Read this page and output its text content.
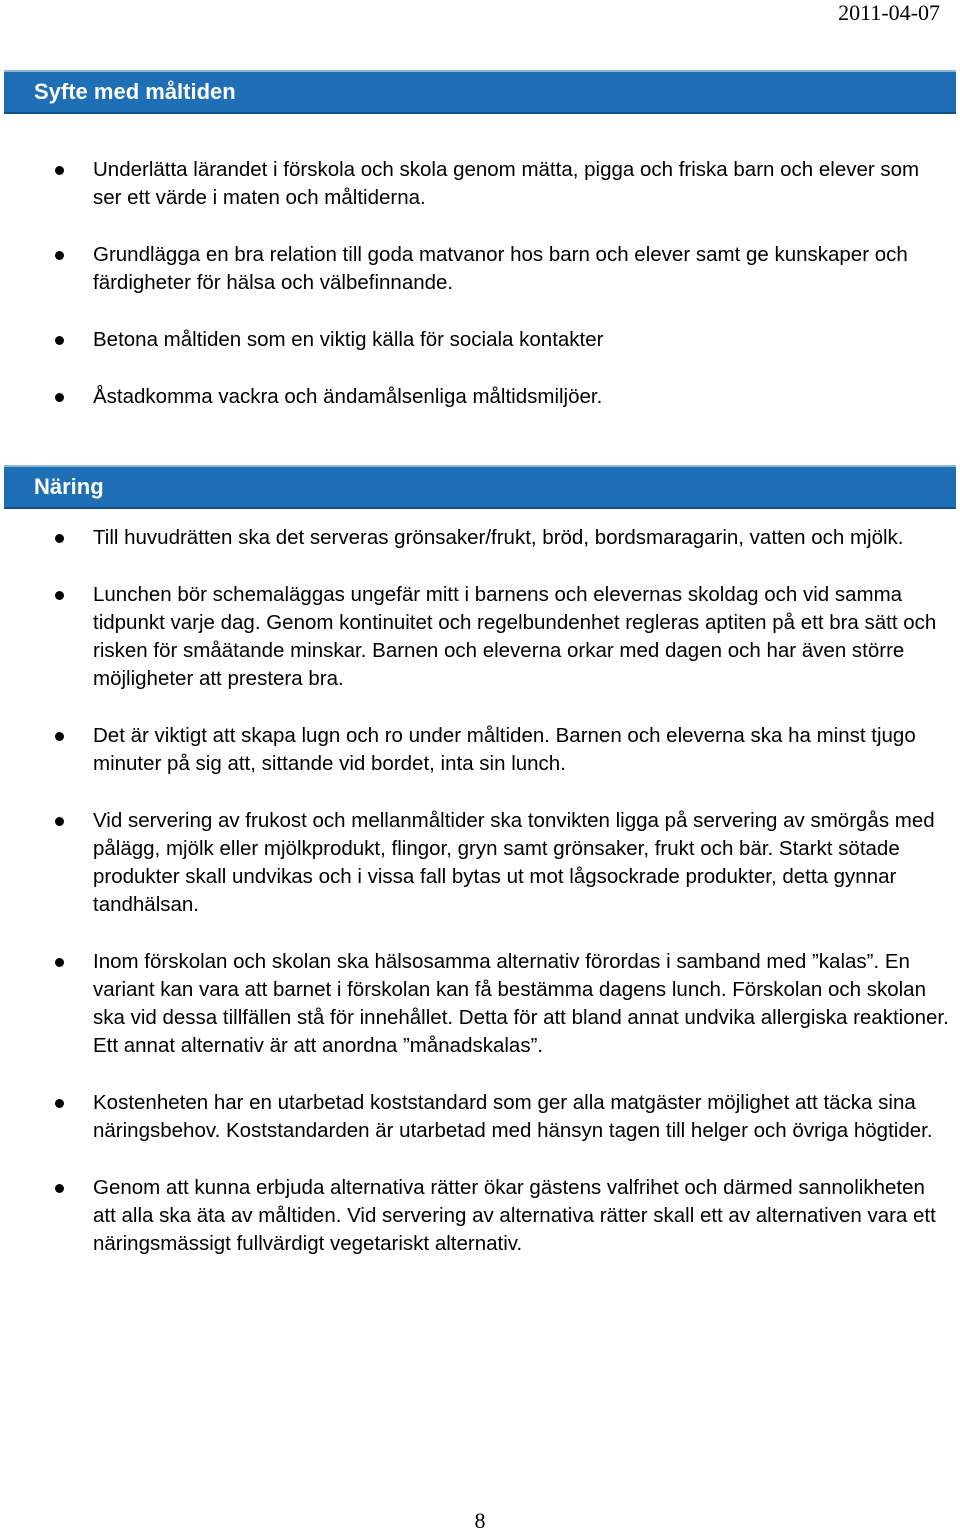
2011-04-07
Syfte med måltiden
Underlätta lärandet i förskola och skola genom mätta, pigga och friska barn och elever som ser ett värde i maten och måltiderna.
Grundlägga en bra relation till goda matvanor hos barn och elever samt ge kunskaper och färdigheter för hälsa och välbefinnande.
Betona måltiden som en viktig källa för sociala kontakter
Åstadkomma vackra och ändamålsenliga måltidsmiljöer.
Näring
Till huvudrätten ska det serveras grönsaker/frukt, bröd, bordsmaragarin, vatten och mjölk.
Lunchen bör schemaläggas ungefär mitt i barnens och elevernas skoldag och vid samma tidpunkt varje dag. Genom kontinuitet och regelbundenhet regleras aptiten på ett bra sätt och risken för småätande minskar. Barnen och eleverna orkar med dagen och har även större möjligheter att prestera bra.
Det är viktigt att skapa lugn och ro under måltiden. Barnen och eleverna ska ha minst tjugo minuter på sig att, sittande vid bordet, inta sin lunch.
Vid servering av frukost och mellanmåltider ska tonvikten ligga på servering av smörgås med pålägg, mjölk eller mjölkprodukt, flingor, gryn samt grönsaker, frukt och bär. Starkt sötade produkter skall undvikas och i vissa fall bytas ut mot lågsockrade produkter, detta gynnar tandhälsan.
Inom förskolan och skolan ska hälsosamma alternativ förordas i samband med ”kalas”. En variant kan vara att barnet i förskolan kan få bestämma dagens lunch. Förskolan och skolan ska vid dessa tillfällen stå för innehållet. Detta för att bland annat undvika allergiska reaktioner. Ett annat alternativ är att anordna ”månadskalas”.
Kostenheten har en utarbetad koststandard som ger alla matgäster möjlighet att täcka sina näringsbehov. Koststandarden är utarbetad med hänsyn tagen till helger och övriga högtider.
Genom att kunna erbjuda alternativa rätter ökar gästens valfrihet och därmed sannolikheten att alla ska äta av måltiden. Vid servering av alternativa rätter skall ett av alternativen vara ett näringsmässigt fullvärdigt vegetariskt alternativ.
8
